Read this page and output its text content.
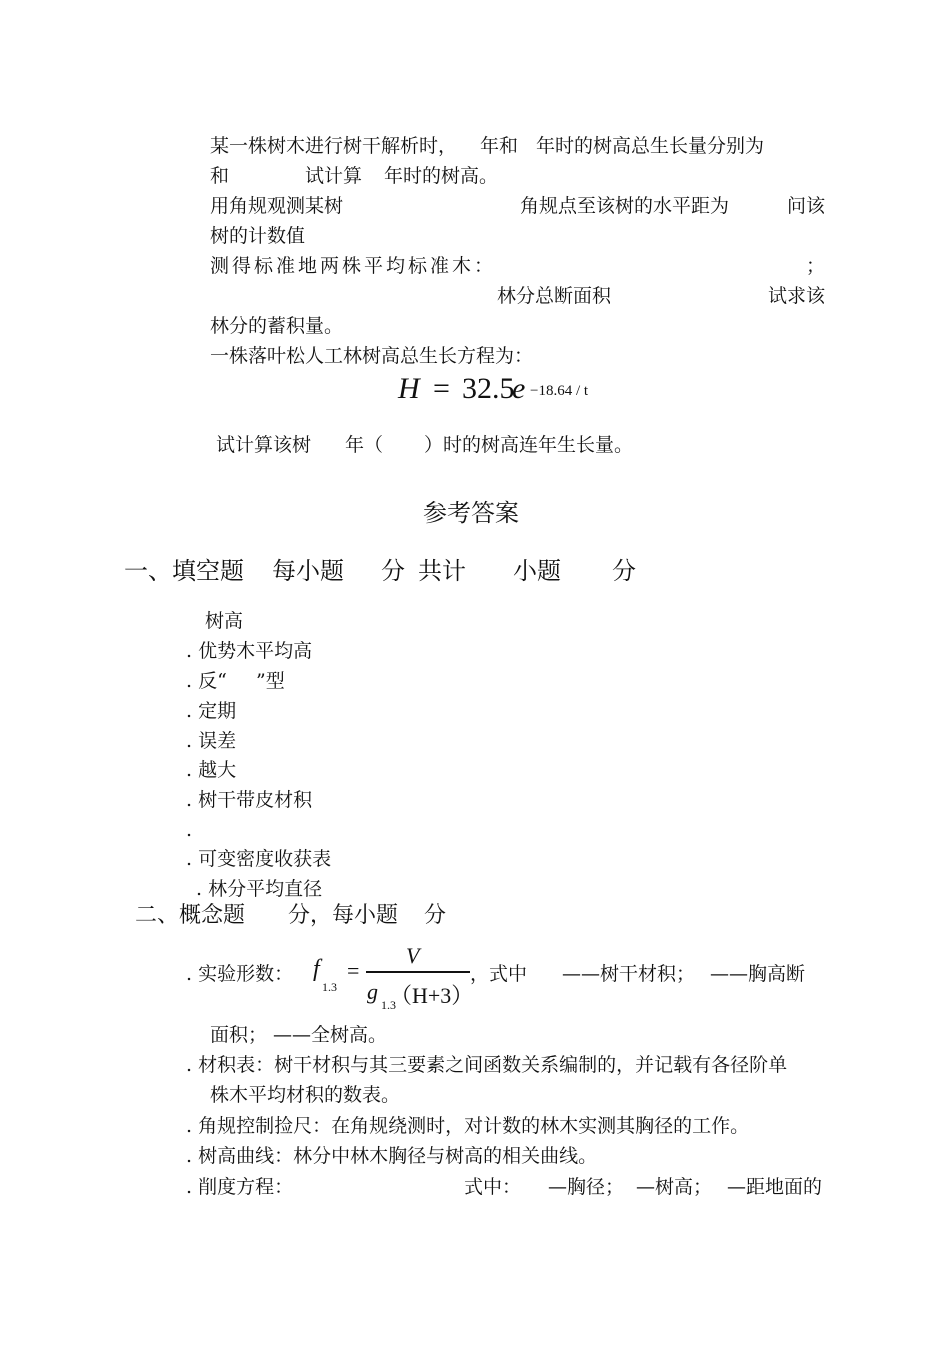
某一株树木进行树干解析时， 年和 年时的树高总生长量分别为
和	试计算 年时的树高。
用角规观测某树	角规点至该树的水平距为	问该
树的计数值
测得标准地两株平均标准木：	；
林分总断面积	试求该
林分的蓄积量。
一株落叶松人工林树高总生长方程为：
H = 32.5
e −18.64 / t
试计算该树 年（ ）时的树高连年生长量。
参考答案
一、填空题 每小题 分 共计 小题 分
树高
. 优势木平均高
. 反“ ”型
. 定期
. 误差
. 越大
. 树干带皮材积
.
. 可变密度收获表
. 林分平均直径
二、概念题 分，每小题 分
. 实验形数： f
1.3
=
V
g
1.3
（H+3）
，式中 ——树干材积； ——胸高断
面积； ——全树高。
. 材积表：树干材积与其三要素之间函数关系编制的，并记载有各径阶单
株木平均材积的数表。
. 角规控制捡尺：在角规绕测时，对计数的林木实测其胸径的工作。
. 树高曲线：林分中林木胸径与树高的相关曲线。
. 削度方程：	式中： —胸径； —树高； —距地面的
